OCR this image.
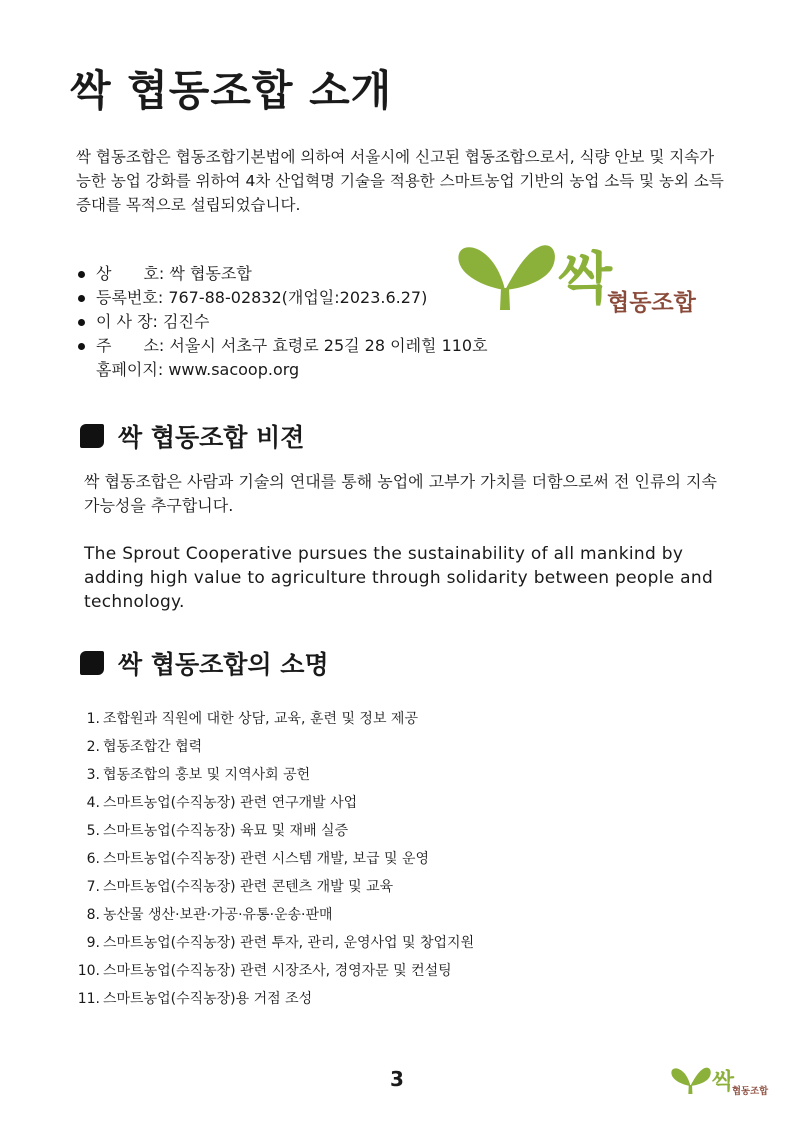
싹 협동조합 소개

싹 협동조합은 협동조합기본법에 의하여 서울시에 신고된 협동조합으로서, 식량 안보 및 지속가능한 농업 강화를 위하여 4차 산업혁명 기술을 적용한 스마트농업 기반의 농업 소득 및 농외 소득 증대를 목적으로 설립되었습니다.

상　　호: 싹 협동조합
등록번호: 767-88-02832(개업일:2023.6.27)
이 사 장: 김진수
주　　소: 서울시 서초구 효령로 25길 28 이레힐 110호
홈페이지: www.sacoop.org
싹
협동조합
싹 협동조합 비젼

싹 협동조합은 사람과 기술의 연대를 통해 농업에 고부가 가치를 더함으로써 전 인류의 지속가능성을 추구합니다.

The Sprout Cooperative pursues the sustainability of all mankind by adding high value to agriculture through solidarity between people and technology.

싹 협동조합의 소명
1. 조합원과 직원에 대한 상담, 교육, 훈련 및 정보 제공
2. 협동조합간 협력
3. 협동조합의 홍보 및 지역사회 공헌
4. 스마트농업(수직농장) 관련 연구개발 사업
5. 스마트농업(수직농장) 육묘 및 재배 실증
6. 스마트농업(수직농장) 관련 시스템 개발, 보급 및 운영
7. 스마트농업(수직농장) 관련 콘텐츠 개발 및 교육
8. 농산물 생산·보관·가공·유통·운송·판매
9. 스마트농업(수직농장) 관련 투자, 관리, 운영사업 및 창업지원
10. 스마트농업(수직농장) 관련 시장조사, 경영자문 및 컨설팅
11. 스마트농업(수직농장)용 거점 조성
3	싹
협동조합
